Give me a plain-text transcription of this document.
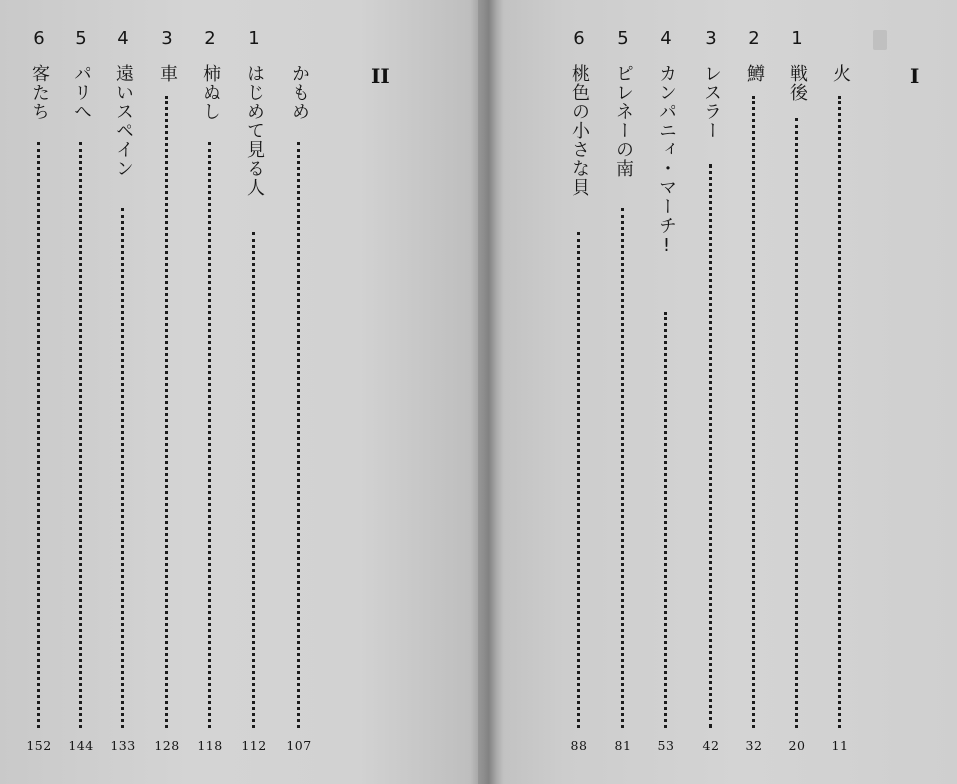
II
かもめ
107
1
はじめて見る人
112
2
柿ぬし
118
3
車
128
4
遠いスペイン
133
5
パリへ
144
6
客たち
152
I
火
11
1
戦後
20
2
鱒
32
3
レスラー
42
4
カンパニィ・マーチ!
53
5
ピレネーの南
81
6
桃色の小さな貝
88
